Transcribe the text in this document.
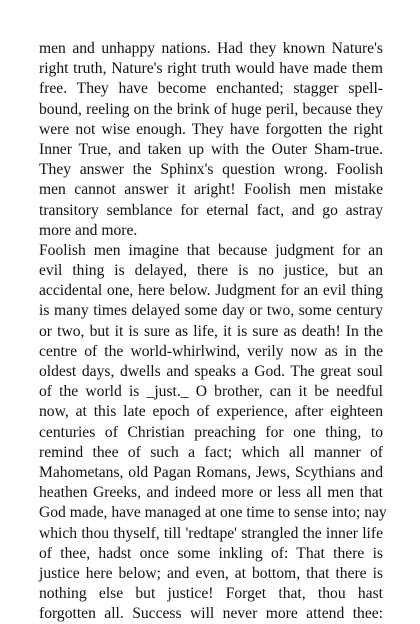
men and unhappy nations. Had they known Nature's
right truth, Nature's right truth would have made them
free. They have become enchanted; stagger spell-
bound, reeling on the brink of huge peril, because they
were not wise enough. They have forgotten the right
Inner True, and taken up with the Outer Sham-true.
They answer the Sphinx's question wrong. Foolish
men cannot answer it aright! Foolish men mistake
transitory semblance for eternal fact, and go astray
more and more.
Foolish men imagine that because judgment for an
evil thing is delayed, there is no justice, but an
accidental one, here below. Judgment for an evil thing
is many times delayed some day or two, some century
or two, but it is sure as life, it is sure as death! In the
centre of the world-whirlwind, verily now as in the
oldest days, dwells and speaks a God. The great soul
of the world is _just._ O brother, can it be needful
now, at this late epoch of experience, after eighteen
centuries of Christian preaching for one thing, to
remind thee of such a fact; which all manner of
Mahometans, old Pagan Romans, Jews, Scythians and
heathen Greeks, and indeed more or less all men that
God made, have managed at one time to sense into; nay
which thou thyself, till 'redtape' strangled the inner life
of thee, hadst once some inkling of: That there is
justice here below; and even, at bottom, that there is
nothing else but justice! Forget that, thou hast
forgotten all. Success will never more attend thee:
